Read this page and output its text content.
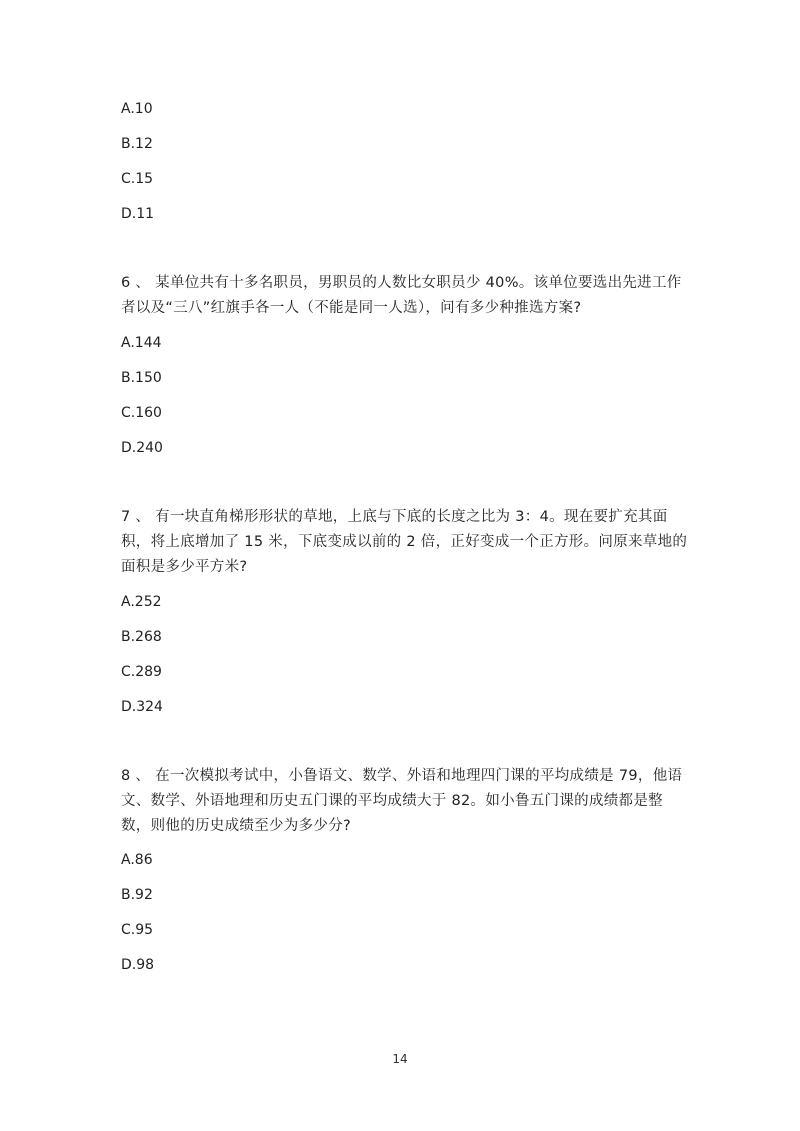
A.10
B.12
C.15
D.11
6 、 某单位共有十多名职员，男职员的人数比女职员少 40%。该单位要选出先进工作
者以及“三八”红旗手各一人（不能是同一人选），问有多少种推选方案?
A.144
B.150
C.160
D.240
7 、 有一块直角梯形形状的草地，上底与下底的长度之比为 3：4。现在要扩充其面
积，将上底增加了 15 米，下底变成以前的 2 倍，正好变成一个正方形。问原来草地的
面积是多少平方米?
A.252
B.268
C.289
D.324
8 、 在一次模拟考试中，小鲁语文、数学、外语和地理四门课的平均成绩是 79，他语
文、数学、外语地理和历史五门课的平均成绩大于 82。如小鲁五门课的成绩都是整
数，则他的历史成绩至少为多少分?
A.86
B.92
C.95
D.98
14
